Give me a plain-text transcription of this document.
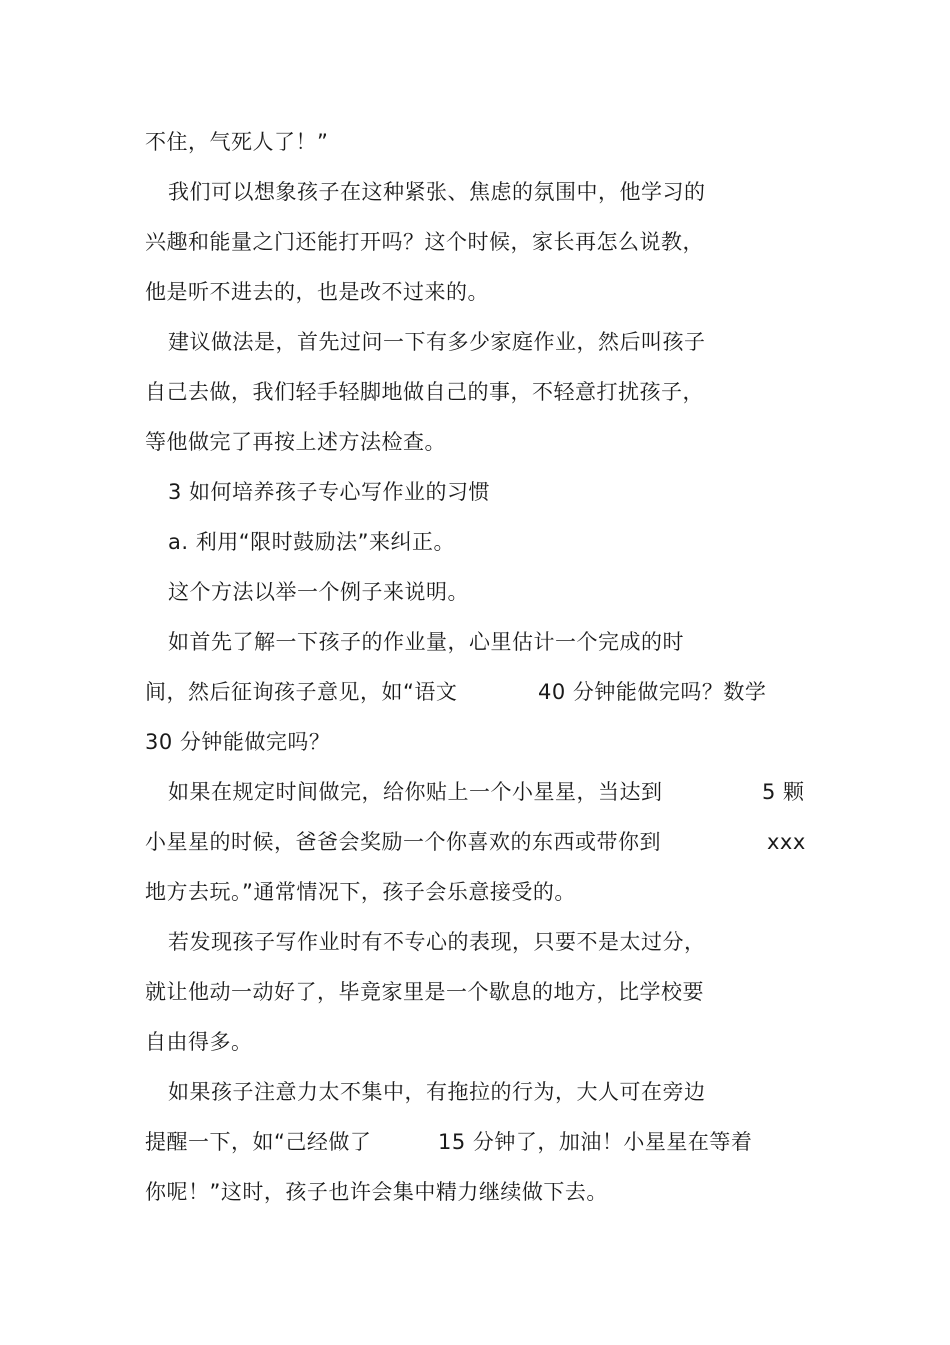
不住，气死人了！”
我们可以想象孩子在这种紧张、焦虑的氛围中，他学习的
兴趣和能量之门还能打开吗？这个时候，家长再怎么说教，
他是听不进去的，也是改不过来的。
建议做法是，首先过问一下有多少家庭作业，然后叫孩子
自己去做，我们轻手轻脚地做自己的事，不轻意打扰孩子，
等他做完了再按上述方法检查。
3 如何培养孩子专心写作业的习惯
a. 利用“限时鼓励法”来纠正。
这个方法以举一个例子来说明。
如首先了解一下孩子的作业量，心里估计一个完成的时
间，然后征询孩子意见，如“语文	40 分钟能做完吗？数学
30 分钟能做完吗？
如果在规定时间做完，给你贴上一个小星星，当达到	5 颗
小星星的时候，爸爸会奖励一个你喜欢的东西或带你到	xxx
地方去玩。”通常情况下，孩子会乐意接受的。
若发现孩子写作业时有不专心的表现，只要不是太过分，
就让他动一动好了，毕竟家里是一个歇息的地方，比学校要
自由得多。
如果孩子注意力太不集中，有拖拉的行为，大人可在旁边
提醒一下，如“己经做了	15 分钟了，加油！小星星在等着
你呢！”这时，孩子也许会集中精力继续做下去。
